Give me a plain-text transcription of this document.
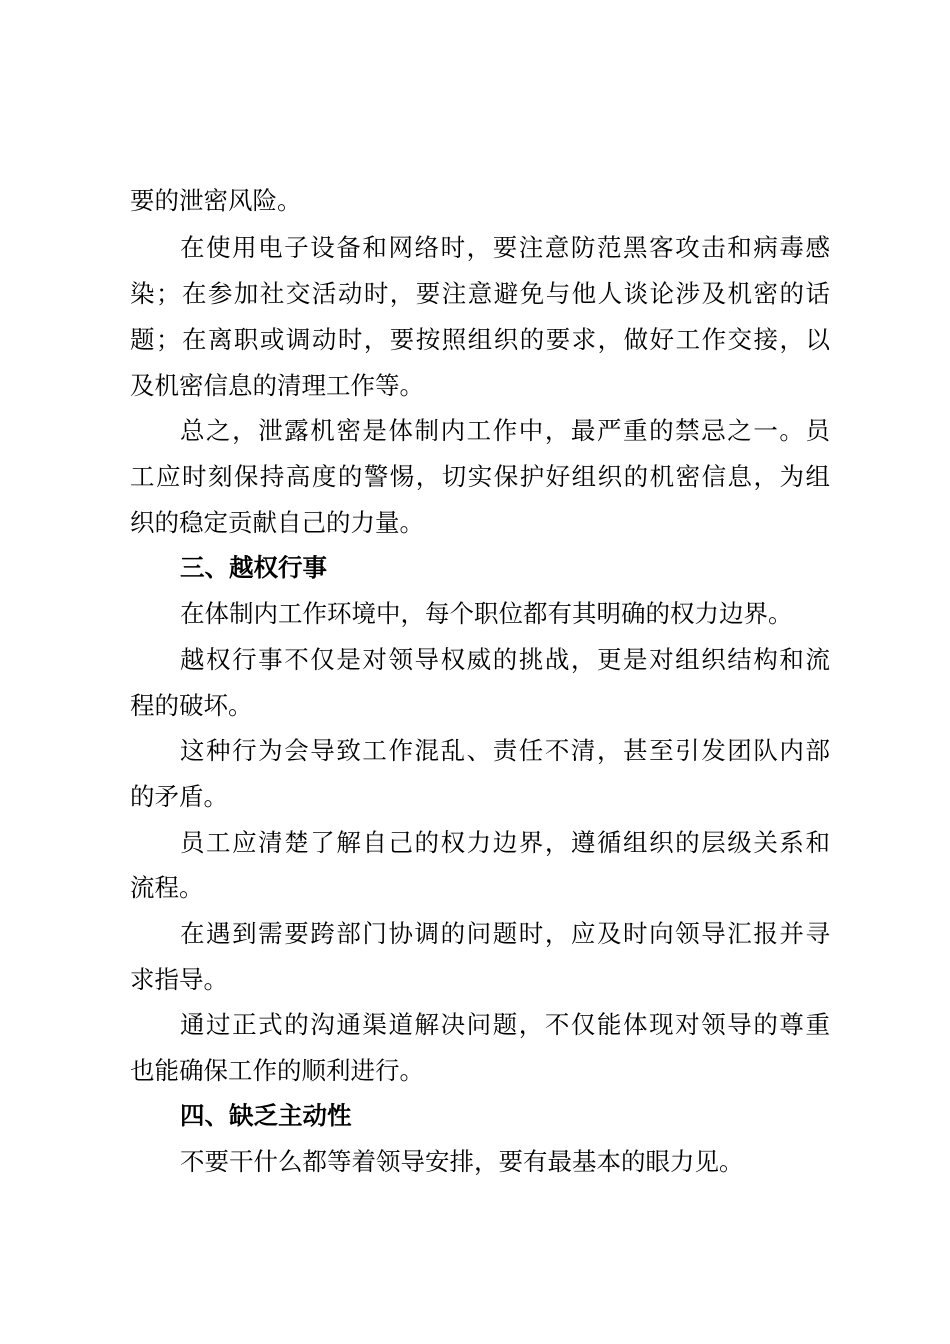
要的泄密风险。
在使用电子设备和网络时，要注意防范黑客攻击和病毒感
染；在参加社交活动时，要注意避免与他人谈论涉及机密的话
题；在离职或调动时，要按照组织的要求，做好工作交接，以
及机密信息的清理工作等。
总之，泄露机密是体制内工作中，最严重的禁忌之一。员
工应时刻保持高度的警惕，切实保护好组织的机密信息，为组
织的稳定贡献自己的力量。
三、越权行事
在体制内工作环境中，每个职位都有其明确的权力边界。
越权行事不仅是对领导权威的挑战，更是对组织结构和流
程的破坏。
这种行为会导致工作混乱、责任不清，甚至引发团队内部
的矛盾。
员工应清楚了解自己的权力边界，遵循组织的层级关系和
流程。
在遇到需要跨部门协调的问题时，应及时向领导汇报并寻
求指导。
通过正式的沟通渠道解决问题，不仅能体现对领导的尊重
也能确保工作的顺利进行。
四、缺乏主动性
不要干什么都等着领导安排，要有最基本的眼力见。
